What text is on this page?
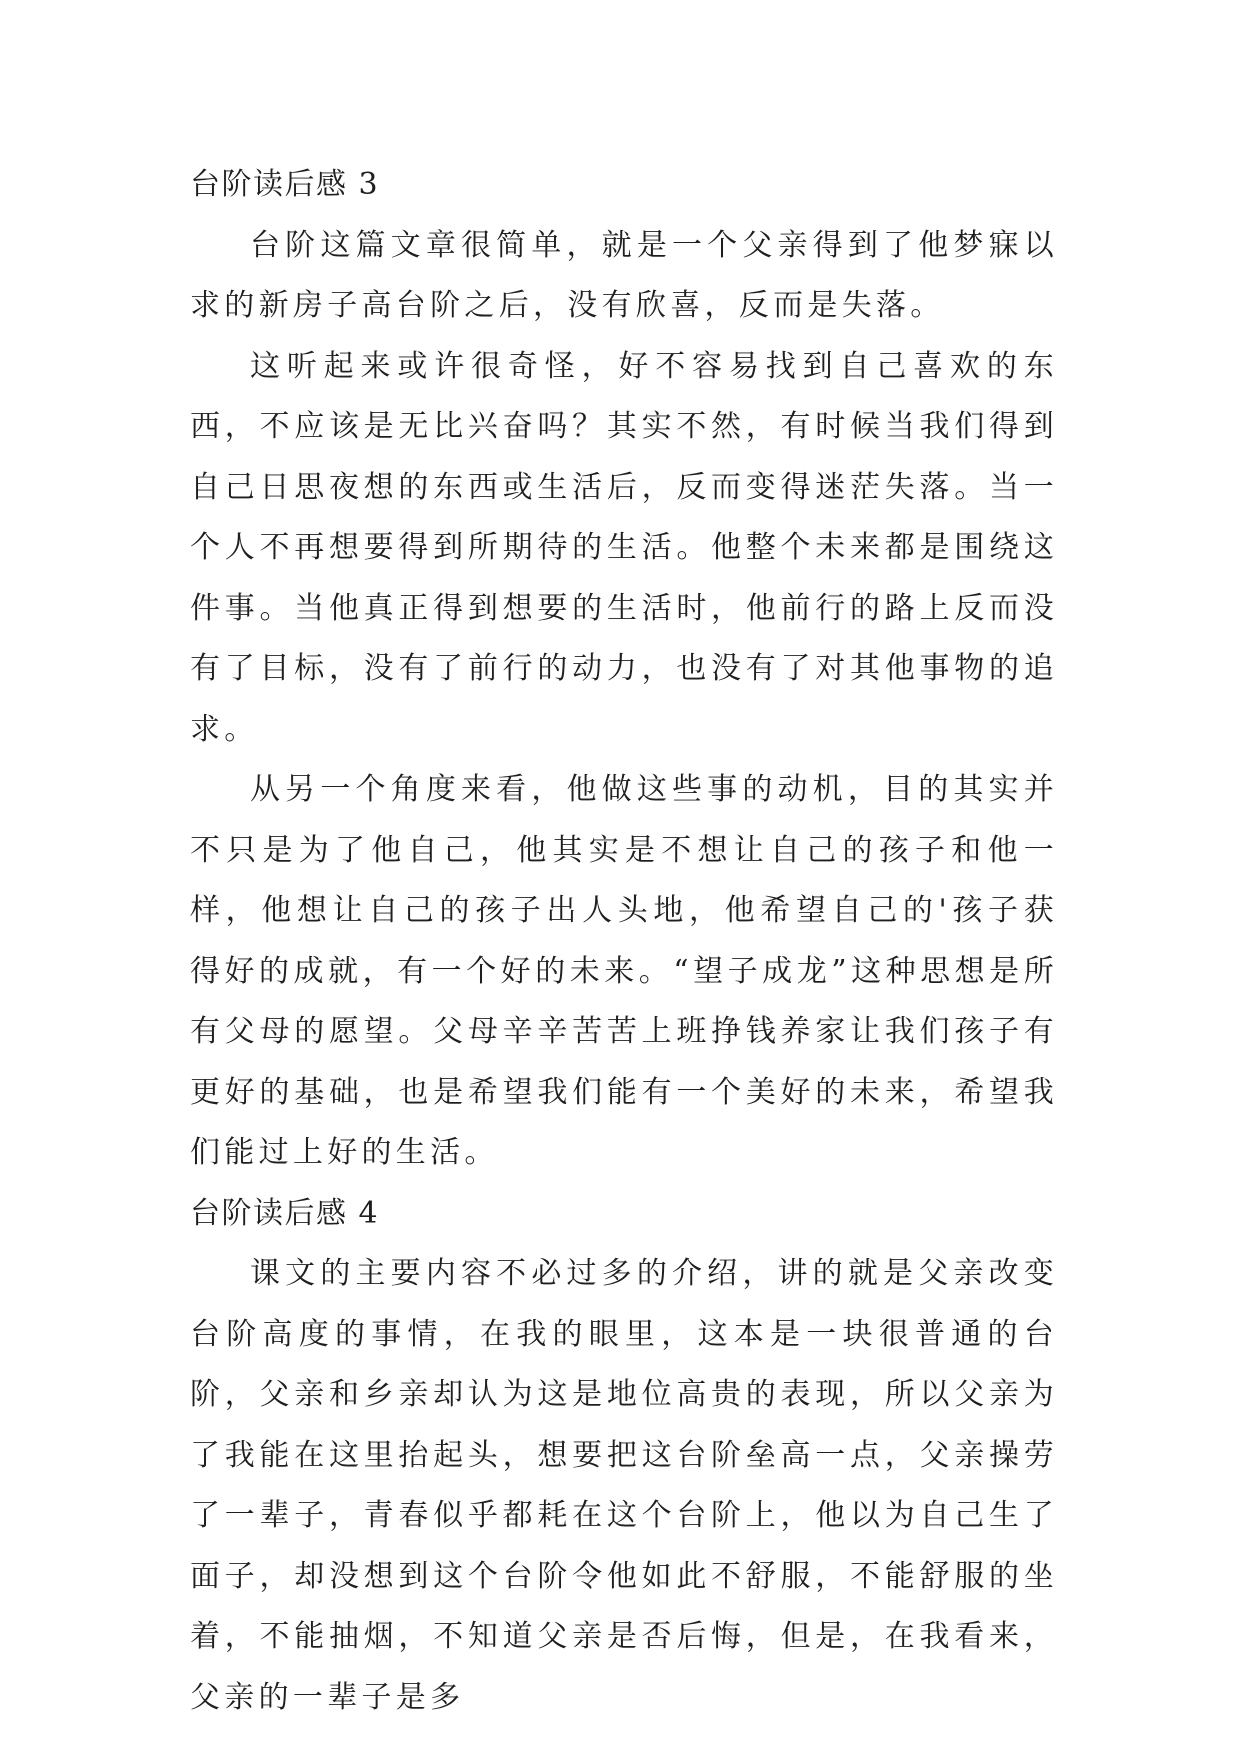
台阶读后感 3

台阶这篇文章很简单，就是一个父亲得到了他梦寐以求的新房子高台阶之后，没有欣喜，反而是失落。

这听起来或许很奇怪，好不容易找到自己喜欢的东西，不应该是无比兴奋吗？其实不然，有时候当我们得到自己日思夜想的东西或生活后，反而变得迷茫失落。当一个人不再想要得到所期待的生活。他整个未来都是围绕这件事。当他真正得到想要的生活时，他前行的路上反而没有了目标，没有了前行的动力，也没有了对其他事物的追求。

从另一个角度来看，他做这些事的动机，目的其实并不只是为了他自己，他其实是不想让自己的孩子和他一样，他想让自己的孩子出人头地，他希望自己的'孩子获得好的成就，有一个好的未来。“望子成龙”这种思想是所有父母的愿望。父母辛辛苦苦上班挣钱养家让我们孩子有更好的基础，也是希望我们能有一个美好的未来，希望我们能过上好的生活。

台阶读后感 4

课文的主要内容不必过多的介绍，讲的就是父亲改变台阶高度的事情，在我的眼里，这本是一块很普通的台阶，父亲和乡亲却认为这是地位高贵的表现，所以父亲为了我能在这里抬起头，想要把这台阶垒高一点，父亲操劳了一辈子，青春似乎都耗在这个台阶上，他以为自己生了面子，却没想到这个台阶令他如此不舒服，不能舒服的坐着，不能抽烟，不知道父亲是否后悔，但是，在我看来，父亲的一辈子是多
